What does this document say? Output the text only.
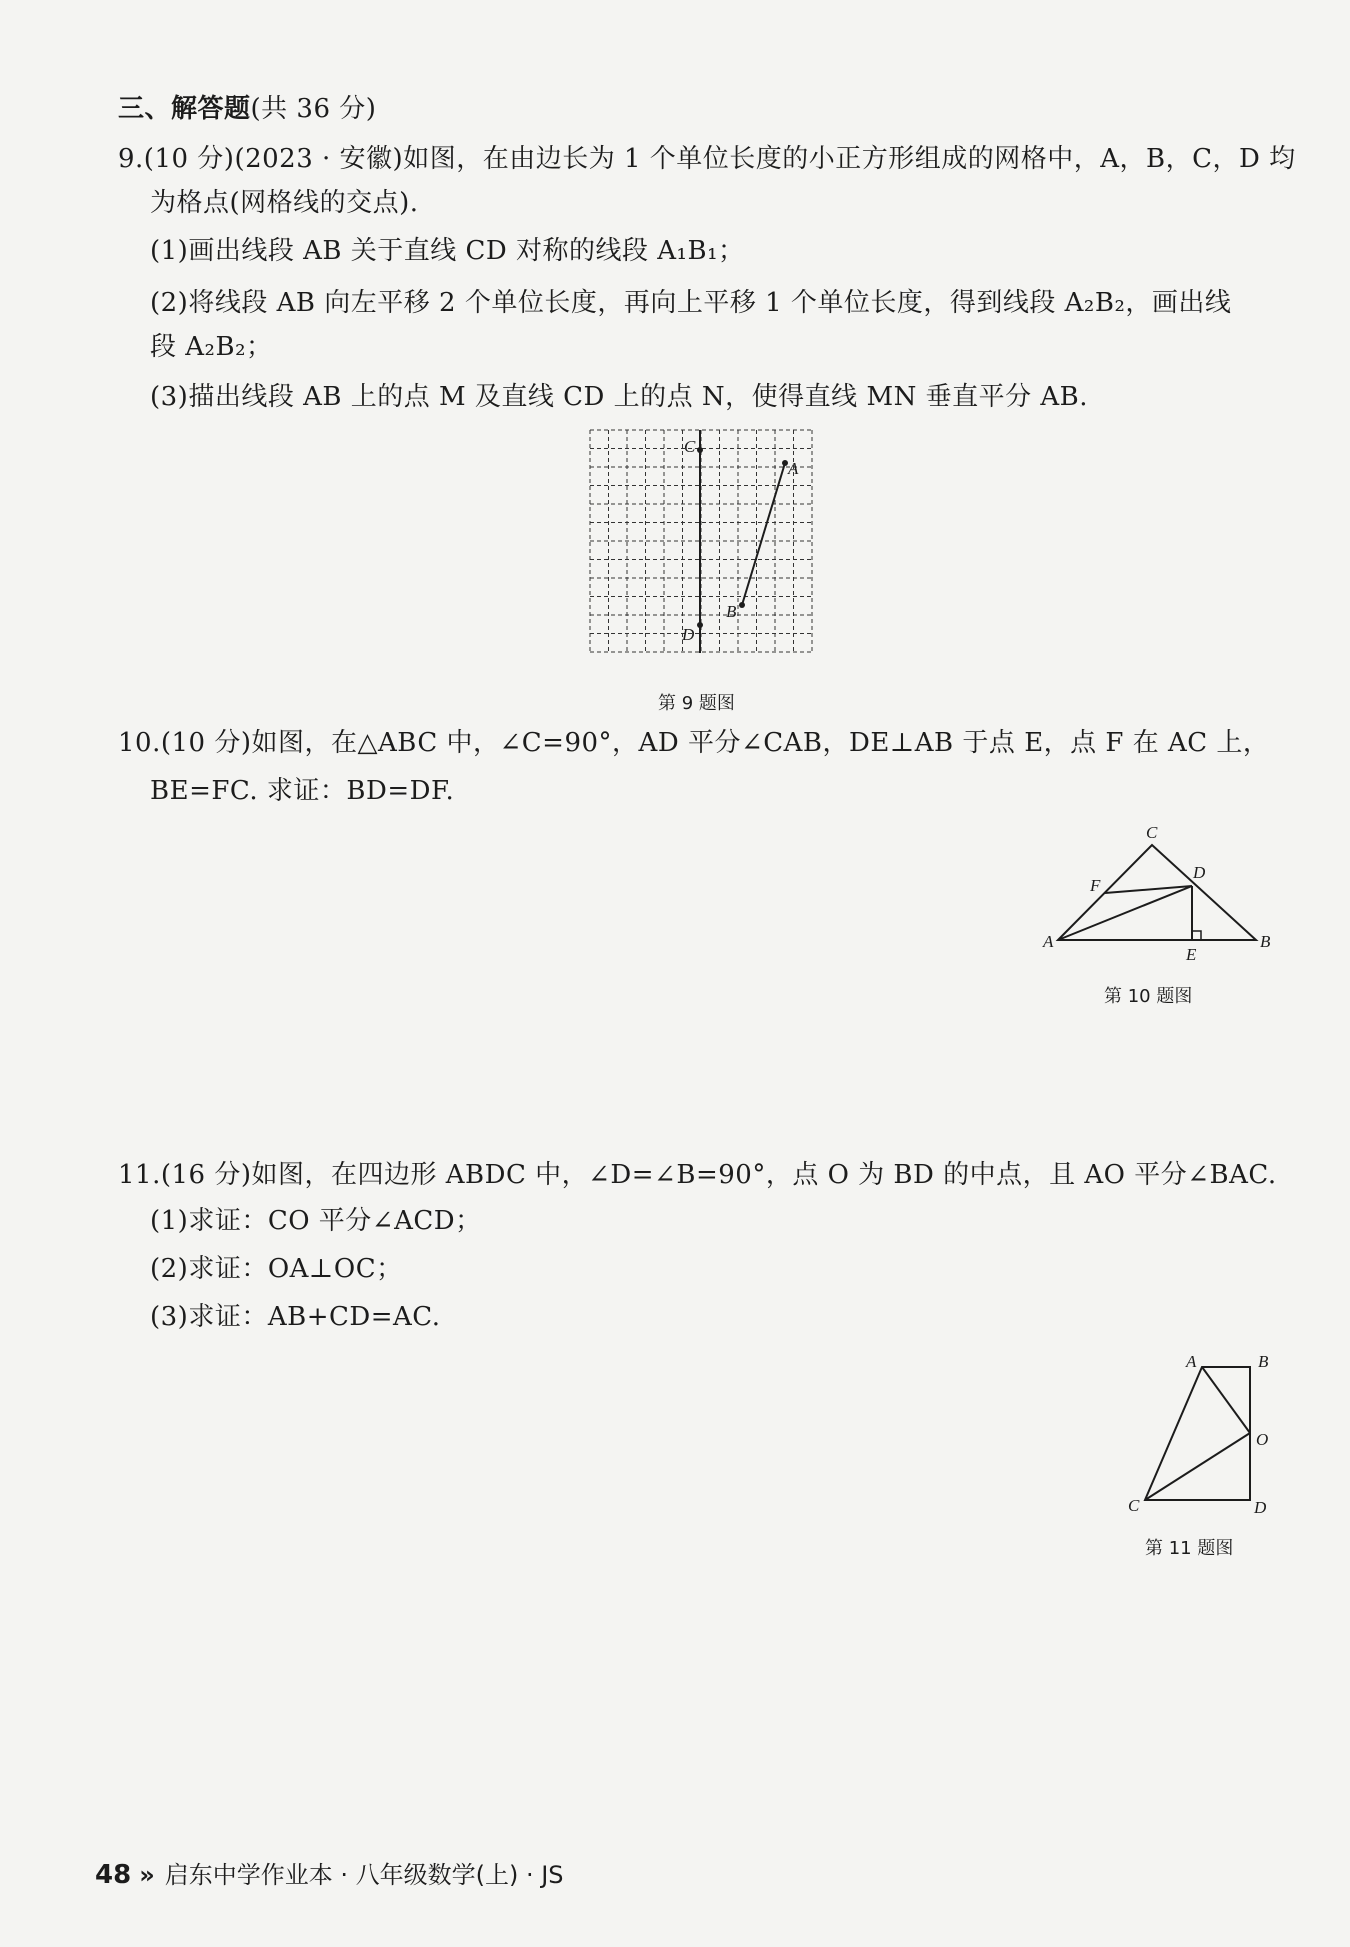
三、解答题(共 36 分)
9.(10 分)(2023 · 安徽)如图，在由边长为 1 个单位长度的小正方形组成的网格中，A，B，C，D 均
为格点(网格线的交点).
(1)画出线段 AB 关于直线 CD 对称的线段 A₁B₁；
(2)将线段 AB 向左平移 2 个单位长度，再向上平移 1 个单位长度，得到线段 A₂B₂，画出线
段 A₂B₂；
(3)描出线段 AB 上的点 M 及直线 CD 上的点 N，使得直线 MN 垂直平分 AB.
C
A
B
D
第 9 题图
10.(10 分)如图，在△ABC 中，∠C=90°，AD 平分∠CAB，DE⊥AB 于点 E，点 F 在 AC 上，
BE=FC. 求证：BD=DF.
C
D
F
A	B
E
第 10 题图
11.(16 分)如图，在四边形 ABDC 中，∠D=∠B=90°，点 O 为 BD 的中点，且 AO 平分∠BAC.
(1)求证：CO 平分∠ACD；
(2)求证：OA⊥OC；
(3)求证：AB+CD=AC.
A	B
O
C	D
第 11 题图
48 » 启东中学作业本 · 八年级数学(上) · JS
